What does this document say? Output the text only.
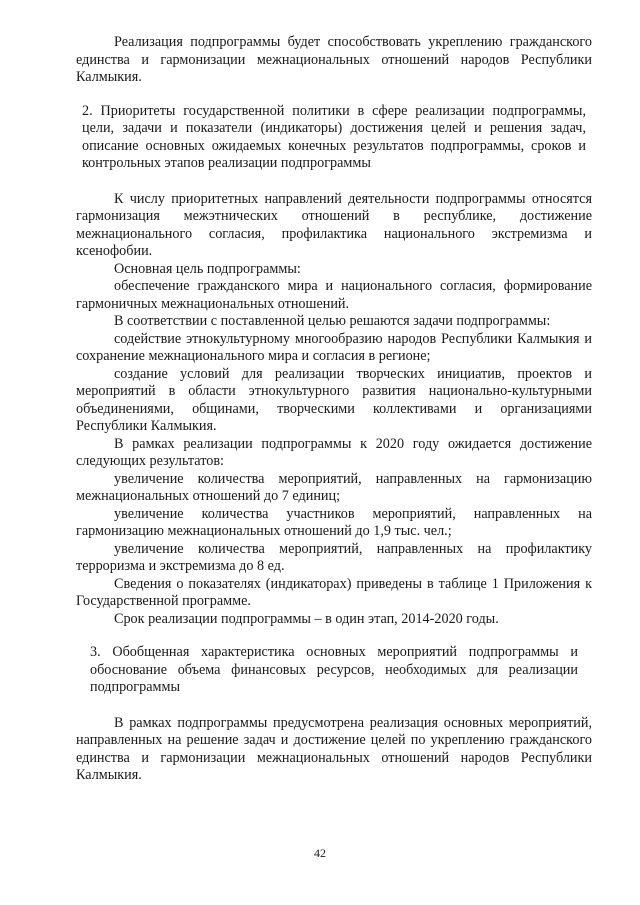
Реализация подпрограммы будет способствовать укреплению гражданского единства и гармонизации межнациональных отношений народов Республики Калмыкия.

2. Приоритеты государственной политики в сфере реализации подпрограммы, цели, задачи и показатели (индикаторы) достижения целей и решения задач, описание основных ожидаемых конечных результатов подпрограммы, сроков и контрольных этапов реализации подпрограммы

К числу приоритетных направлений деятельности подпрограммы относятся гармонизация межэтнических отношений в республике, достижение межнационального согласия, профилактика национального экстремизма и ксенофобии.

Основная цель подпрограммы:

обеспечение гражданского мира и национального согласия, формирование гармоничных межнациональных отношений.

В соответствии с поставленной целью решаются задачи подпрограммы:

содействие этнокультурному многообразию народов Республики Калмыкия и сохранение межнационального мира и согласия в регионе;

создание условий для реализации творческих инициатив, проектов и мероприятий в области этнокультурного развития национально-культурными объединениями, общинами, творческими коллективами и организациями Республики Калмыкия.

В рамках реализации подпрограммы к 2020 году ожидается достижение следующих результатов:

увеличение количества мероприятий, направленных на гармонизацию межнациональных отношений до 7 единиц;

увеличение количества участников мероприятий, направленных на гармонизацию межнациональных отношений до 1,9 тыс. чел.;

увеличение количества мероприятий, направленных на профилактику терроризма и экстремизма до 8 ед.

Сведения о показателях (индикаторах) приведены в таблице 1 Приложения к Государственной программе.

Срок реализации подпрограммы – в один этап, 2014-2020 годы.

3. Обобщенная характеристика основных мероприятий подпрограммы и обоснование объема финансовых ресурсов, необходимых для реализации подпрограммы

В рамках подпрограммы предусмотрена реализация основных мероприятий, направленных на решение задач и достижение целей по укреплению гражданского единства и гармонизации межнациональных отношений народов Республики Калмыкия.

42
